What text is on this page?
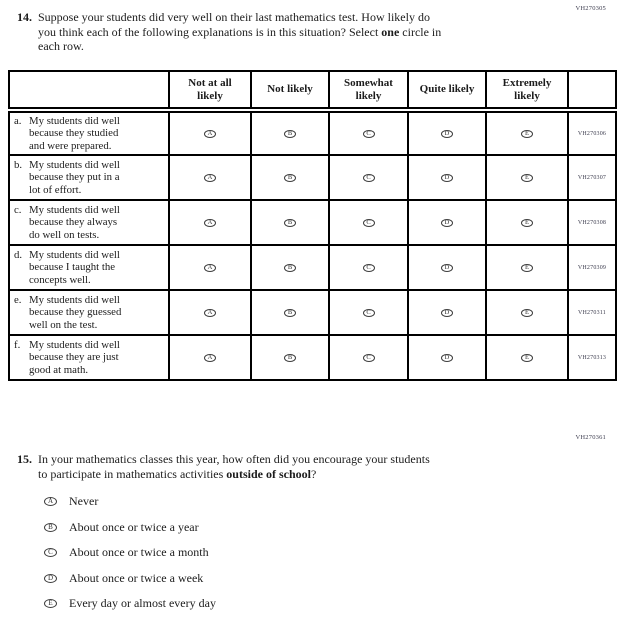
VH270305
14. Suppose your students did very well on their last mathematics test. How likely do
you think each of the following explanations is in this situation? Select one circle in
each row.

	Not at all
likely	Not likely	Somewhat
likely	Quite likely	Extremely
likely	

a. My students did well
because they studied
and were prepared.	A	B	C	D	E	VH270306

b. My students did well
because they put in a
lot of effort.	A	B	C	D	E	VH270307

c. My students did well
because they always
do well on tests.	A	B	C	D	E	VH270308

d. My students did well
because I taught the
concepts well.	A	B	C	D	E	VH270309

e. My students did well
because they guessed
well on the test.	A	B	C	D	E	VH270311

f. My students did well
because they are just
good at math.	A	B	C	D	E	VH270313
VH270361
15. In your mathematics classes this year, how often did you encourage your students
to participate in mathematics activities outside of school?
A Never
B About once or twice a year
C About once or twice a month
D About once or twice a week
E Every day or almost every day
